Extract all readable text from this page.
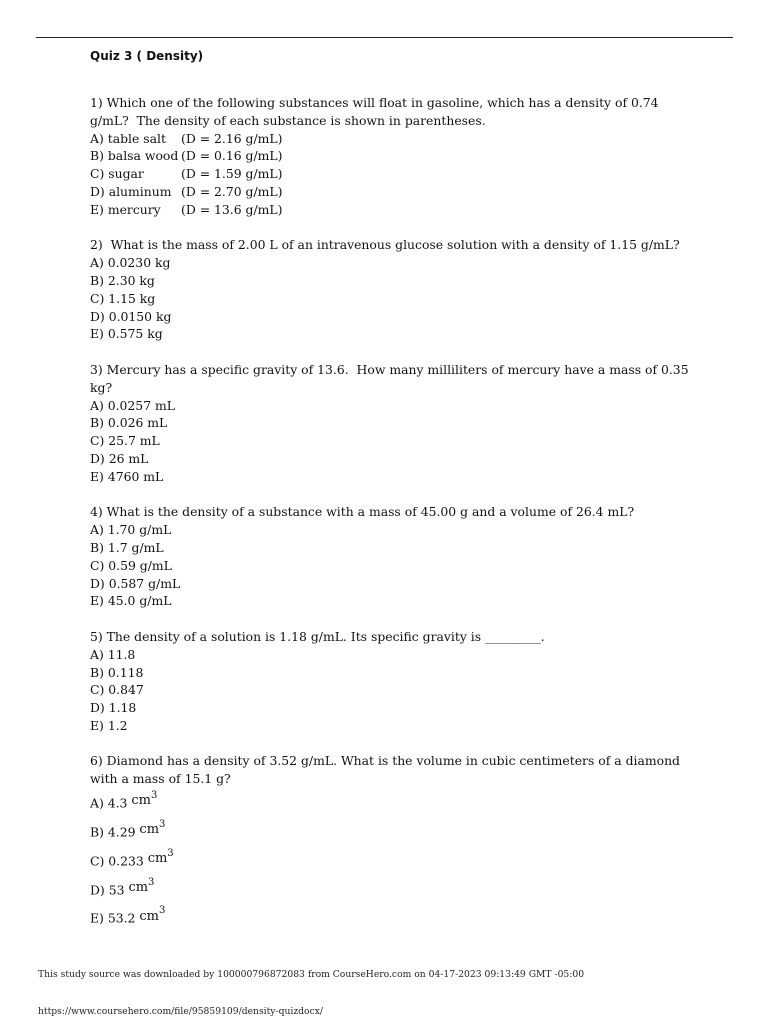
Quiz 3 ( Density)
1) Which one of the following substances will float in gasoline, which has a density of 0.74
g/mL?  The density of each substance is shown in parentheses.
A) table salt (D = 2.16 g/mL)
B) balsa wood (D = 0.16 g/mL)
C) sugar	(D = 1.59 g/mL)
D) aluminum (D = 2.70 g/mL)
E) mercury (D = 13.6 g/mL)
2)  What is the mass of 2.00 L of an intravenous glucose solution with a density of 1.15 g/mL?
A) 0.0230 kg
B) 2.30 kg
C) 1.15 kg
D) 0.0150 kg
E) 0.575 kg
3) Mercury has a specific gravity of 13.6.  How many milliliters of mercury have a mass of 0.35
kg?
A) 0.0257 mL
B) 0.026 mL
C) 25.7 mL
D) 26 mL
E) 4760 mL
4) What is the density of a substance with a mass of 45.00 g and a volume of 26.4 mL?
A) 1.70 g/mL
B) 1.7 g/mL
C) 0.59 g/mL
D) 0.587 g/mL
E) 45.0 g/mL
5) The density of a solution is 1.18 g/mL. Its specific gravity is _________.
A) 11.8
B) 0.118
C) 0.847
D) 1.18
E) 1.2
6) Diamond has a density of 3.52 g/mL. What is the volume in cubic centimeters of a diamond
with a mass of 15.1 g?
A) 4.3 $cm^3$
B) 4.29 $cm^3$
C) 0.233 $cm^3$
D) 53 $cm^3$
E) 53.2 $cm^3$
This study source was downloaded by 100000796872083 from CourseHero.com on 04-17-2023 09:13:49 GMT -05:00
https://www.coursehero.com/file/95859109/density-quizdocx/
